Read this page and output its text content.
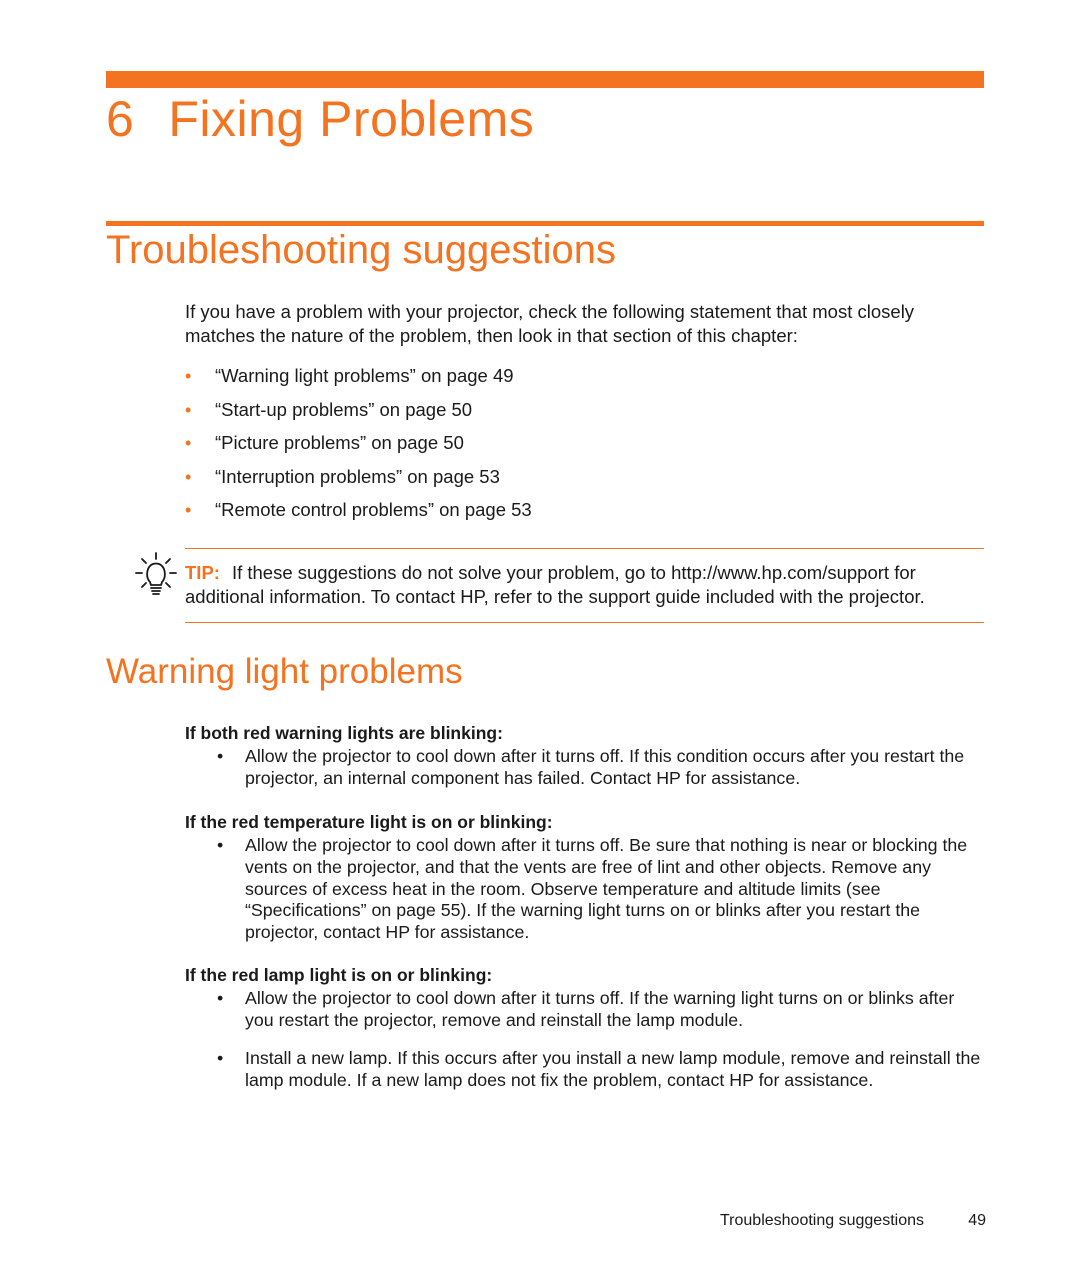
6 Fixing Problems
Troubleshooting suggestions

If you have a problem with your projector, check the following statement that most closely matches the nature of the problem, then look in that section of this chapter:

• “Warning light problems” on page 49
• “Start-up problems” on page 50
• “Picture problems” on page 50
• “Interruption problems” on page 53
• “Remote control problems” on page 53

TIP: If these suggestions do not solve your problem, go to http://www.hp.com/support for additional information. To contact HP, refer to the support guide included with the projector.

Warning light problems

If both red warning lights are blinking:

•	Allow the projector to cool down after it turns off. If this condition occurs after you restart the projector, an internal component has failed. Contact HP for assistance.

If the red temperature light is on or blinking:

•	Allow the projector to cool down after it turns off. Be sure that nothing is near or blocking the vents on the projector, and that the vents are free of lint and other objects. Remove any sources of excess heat in the room. Observe temperature and altitude limits (see “Specifications” on page 55). If the warning light turns on or blinks after you restart the projector, contact HP for assistance.

If the red lamp light is on or blinking:

•	Allow the projector to cool down after it turns off. If the warning light turns on or blinks after you restart the projector, remove and reinstall the lamp module.

•	Install a new lamp. If this occurs after you install a new lamp module, remove and reinstall the lamp module. If a new lamp does not fix the problem, contact HP for assistance.

Troubleshooting suggestions	49
